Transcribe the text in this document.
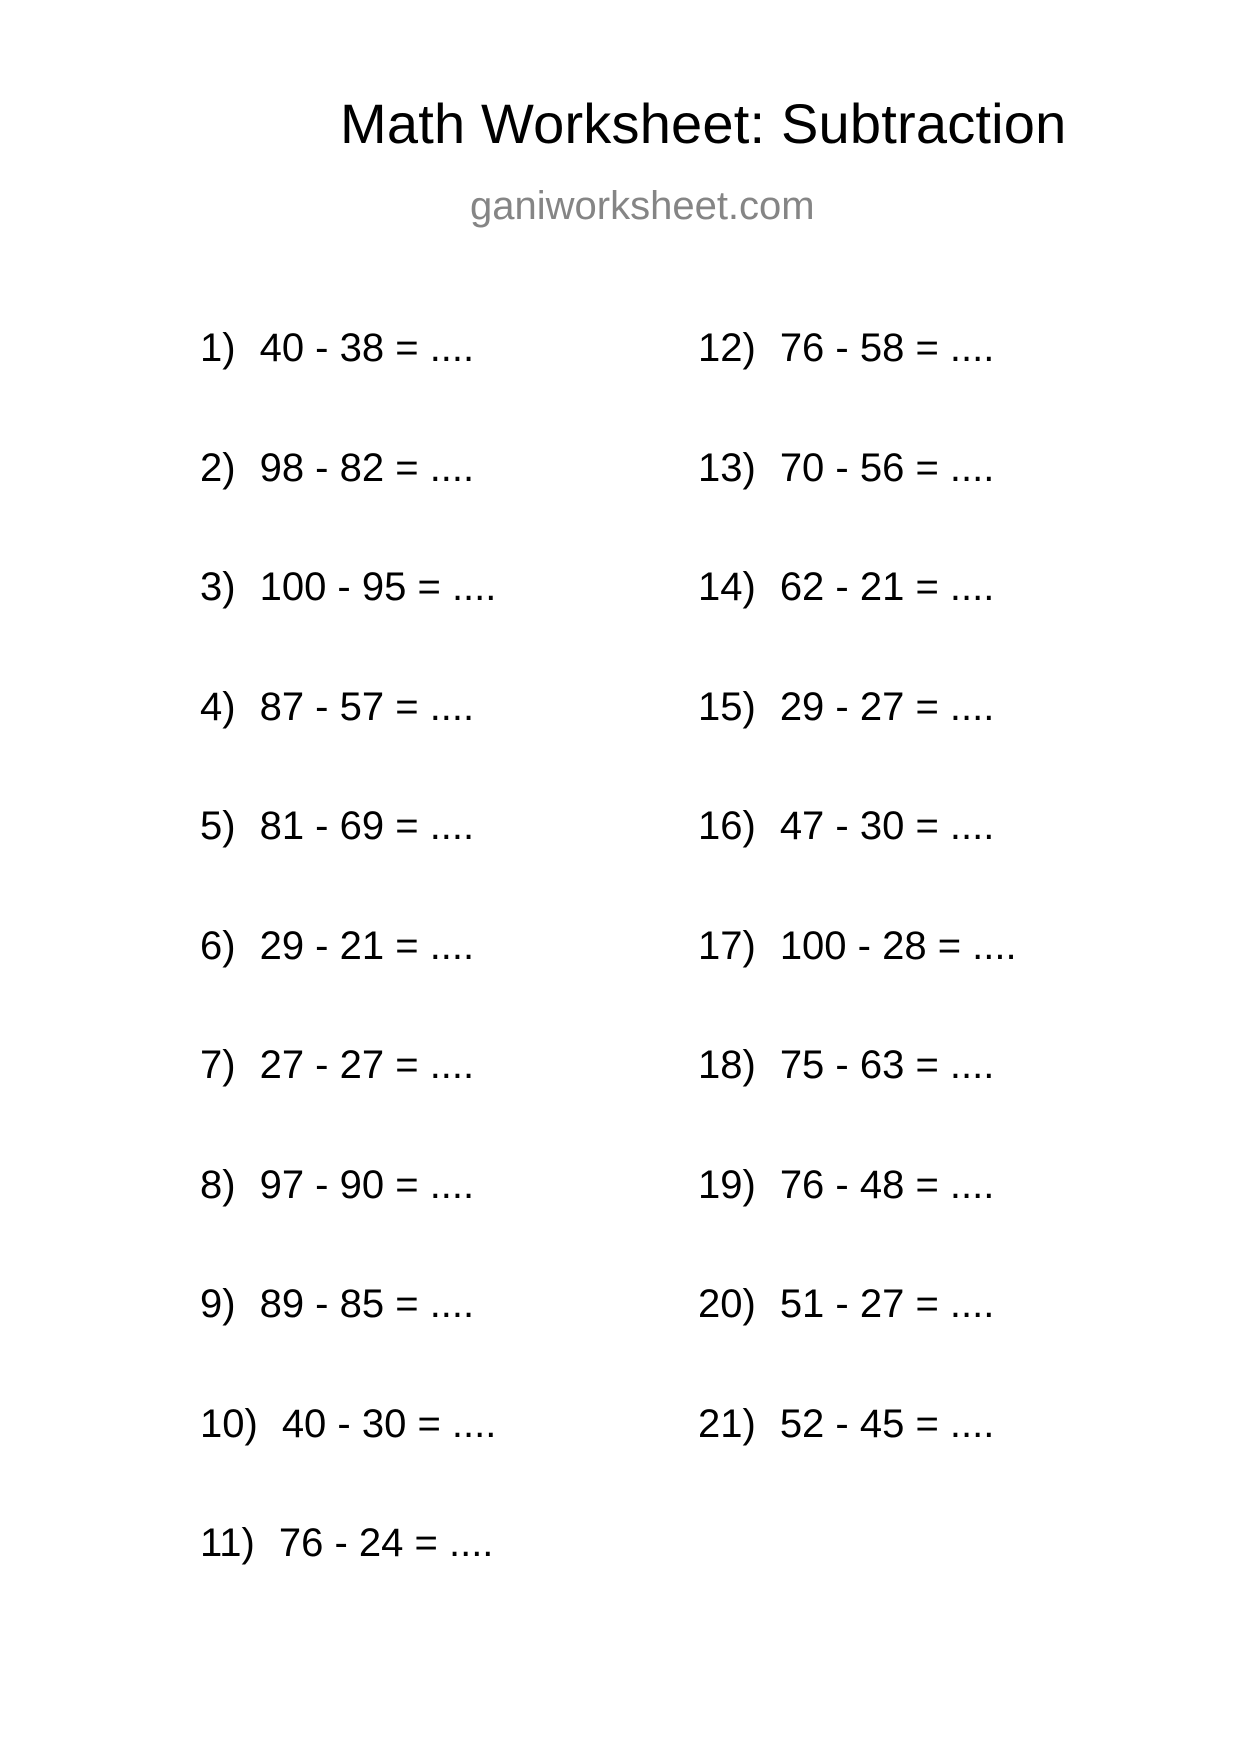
Math Worksheet: Subtraction
ganiworksheet.com
1) 40 - 38 = ....
2) 98 - 82 = ....
3) 100 - 95 = ....
4) 87 - 57 = ....
5) 81 - 69 = ....
6) 29 - 21 = ....
7) 27 - 27 = ....
8) 97 - 90 = ....
9) 89 - 85 = ....
10) 40 - 30 = ....
11) 76 - 24 = ....
12) 76 - 58 = ....
13) 70 - 56 = ....
14) 62 - 21 = ....
15) 29 - 27 = ....
16) 47 - 30 = ....
17) 100 - 28 = ....
18) 75 - 63 = ....
19) 76 - 48 = ....
20) 51 - 27 = ....
21) 52 - 45 = ....
